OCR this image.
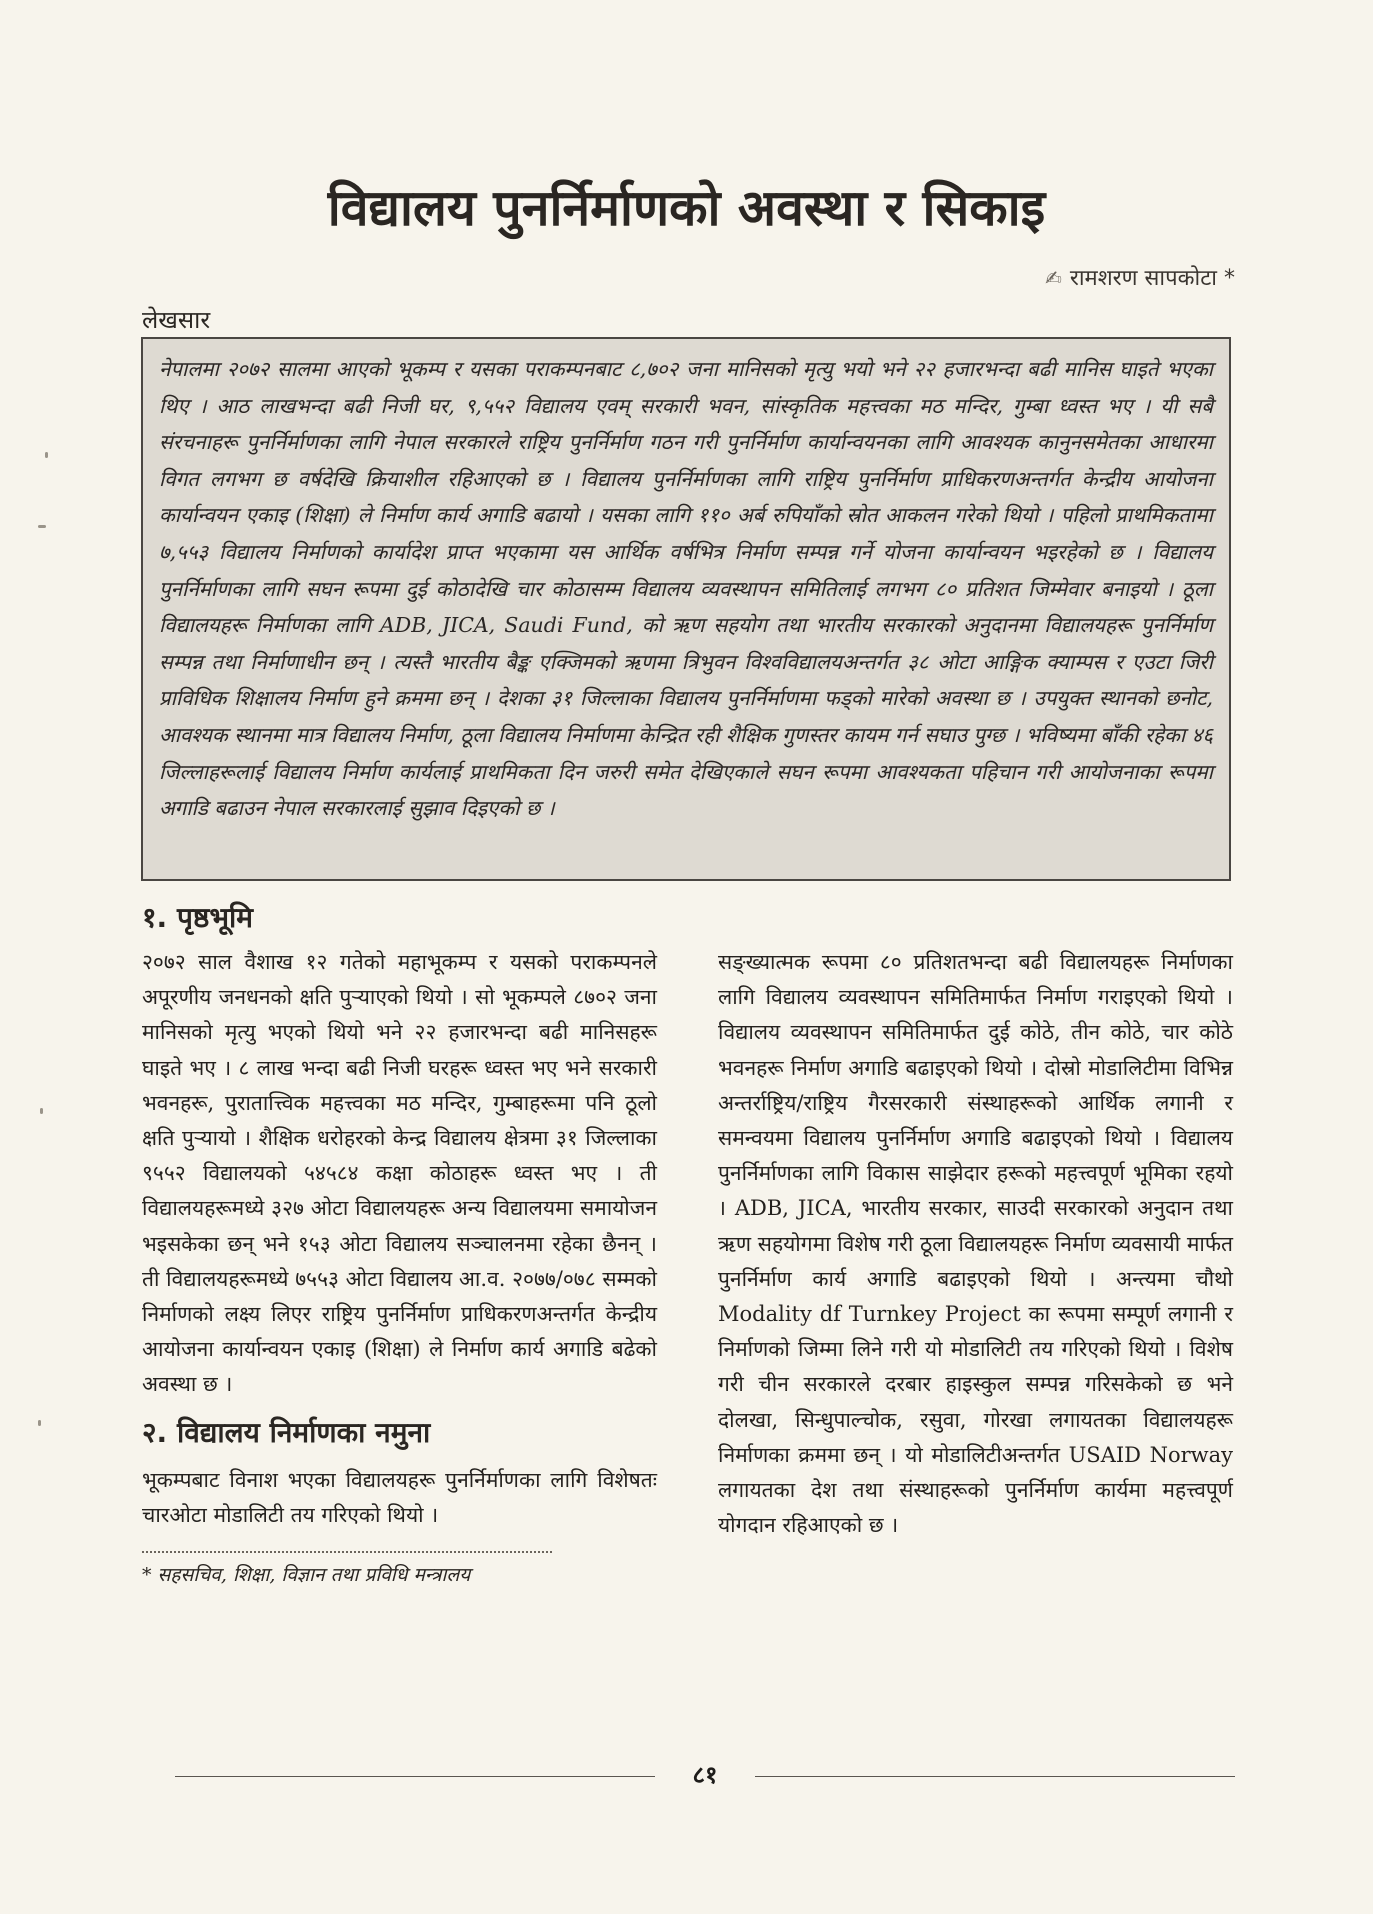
विद्यालय पुनर्निर्माणको अवस्था र सिकाइ
✍ रामशरण सापकोटा *
लेखसार

नेपालमा २०७२ सालमा आएको भूकम्प र यसका पराकम्पनबाट ८,७०२ जना मानिसको मृत्यु भयो भने २२ हजारभन्दा बढी मानिस घाइते भएका थिए । आठ लाखभन्दा बढी निजी घर, ९,५५२ विद्यालय एवम् सरकारी भवन, सांस्कृतिक महत्त्वका मठ मन्दिर, गुम्बा ध्वस्त भए । यी सबै संरचनाहरू पुनर्निर्माणका लागि नेपाल सरकारले राष्ट्रिय पुनर्निर्माण गठन गरी पुनर्निर्माण कार्यान्वयनका लागि आवश्यक कानुनसमेतका आधारमा विगत लगभग छ वर्षदेखि क्रियाशील रहिआएको छ । विद्यालय पुनर्निर्माणका लागि राष्ट्रिय पुनर्निर्माण प्राधिकरणअन्तर्गत केन्द्रीय आयोजना कार्यान्वयन एकाइ (शिक्षा) ले निर्माण कार्य अगाडि बढायो । यसका लागि ११० अर्ब रुपियाँको स्रोत आकलन गरेको थियो । पहिलो प्राथमिकतामा ७,५५३ विद्यालय निर्माणको कार्यादेश प्राप्त भएकामा यस आर्थिक वर्षभित्र निर्माण सम्पन्न गर्ने योजना कार्यान्वयन भइरहेको छ । विद्यालय पुनर्निर्माणका लागि सघन रूपमा दुई कोठादेखि चार कोठासम्म विद्यालय व्यवस्थापन समितिलाई लगभग ८० प्रतिशत जिम्मेवार बनाइयो । ठूला विद्यालयहरू निर्माणका लागि ADB, JICA, Saudi Fund, को ऋण सहयोग तथा भारतीय सरकारको अनुदानमा विद्यालयहरू पुनर्निर्माण सम्पन्न तथा निर्माणाधीन छन् । त्यस्तै भारतीय बैङ्क एक्जिमको ऋणमा त्रिभुवन विश्वविद्यालयअन्तर्गत ३८ ओटा आङ्गिक क्याम्पस र एउटा जिरी प्राविधिक शिक्षालय निर्माण हुने क्रममा छन् । देशका ३१ जिल्लाका विद्यालय पुनर्निर्माणमा फड्को मारेको अवस्था छ । उपयुक्त स्थानको छनोट, आवश्यक स्थानमा मात्र विद्यालय निर्माण, ठूला विद्यालय निर्माणमा केन्द्रित रही शैक्षिक गुणस्तर कायम गर्न सघाउ पुग्छ । भविष्यमा बाँकी रहेका ४६ जिल्लाहरूलाई विद्यालय निर्माण कार्यलाई प्राथमिकता दिन जरुरी समेत देखिएकाले सघन रूपमा आवश्यकता पहिचान गरी आयोजनाका रूपमा अगाडि बढाउन नेपाल सरकारलाई सुझाव दिइएको छ ।

१. पृष्ठभूमि

२०७२ साल वैशाख १२ गतेको महाभूकम्प र यसको पराकम्पनले अपूरणीय जनधनको क्षति पुऱ्याएको थियो । सो भूकम्पले ८७०२ जना मानिसको मृत्यु भएको थियो भने २२ हजारभन्दा बढी मानिसहरू घाइते भए । ८ लाख भन्दा बढी निजी घरहरू ध्वस्त भए भने सरकारी भवनहरू, पुरातात्त्विक महत्त्वका मठ मन्दिर, गुम्बाहरूमा पनि ठूलो क्षति पुऱ्यायो । शैक्षिक धरोहरको केन्द्र विद्यालय क्षेत्रमा ३१ जिल्लाका ९५५२ विद्यालयको ५४५८४ कक्षा कोठाहरू ध्वस्त भए । ती विद्यालयहरूमध्ये ३२७ ओटा विद्यालयहरू अन्य विद्यालयमा समायोजन भइसकेका छन् भने १५३ ओटा विद्यालय सञ्चालनमा रहेका छैनन् । ती विद्यालयहरूमध्ये ७५५३ ओटा विद्यालय आ.व. २०७७/०७८ सम्मको निर्माणको लक्ष्य लिएर राष्ट्रिय पुनर्निर्माण प्राधिकरणअन्तर्गत केन्द्रीय आयोजना कार्यान्वयन एकाइ (शिक्षा) ले निर्माण कार्य अगाडि बढेको अवस्था छ ।

२. विद्यालय निर्माणका नमुना

भूकम्पबाट विनाश भएका विद्यालयहरू पुनर्निर्माणका लागि विशेषतः चारओटा मोडालिटी तय गरिएको थियो ।

* सहसचिव, शिक्षा, विज्ञान तथा प्रविधि मन्त्रालय

सङ्ख्यात्मक रूपमा ८० प्रतिशतभन्दा बढी विद्यालयहरू निर्माणका लागि विद्यालय व्यवस्थापन समितिमार्फत निर्माण गराइएको थियो । विद्यालय व्यवस्थापन समितिमार्फत दुई कोठे, तीन कोठे, चार कोठे भवनहरू निर्माण अगाडि बढाइएको थियो । दोस्रो मोडालिटीमा विभिन्न अन्तर्राष्ट्रिय/राष्ट्रिय गैरसरकारी संस्थाहरूको आर्थिक लगानी र समन्वयमा विद्यालय पुनर्निर्माण अगाडि बढाइएको थियो । विद्यालय पुनर्निर्माणका लागि विकास साझेदार हरूको महत्त्वपूर्ण भूमिका रहयो । ADB, JICA, भारतीय सरकार, साउदी सरकारको अनुदान तथा ऋण सहयोगमा विशेष गरी ठूला विद्यालयहरू निर्माण व्यवसायी मार्फत पुनर्निर्माण कार्य अगाडि बढाइएको थियो । अन्त्यमा चौथो Modality df Turnkey Project का रूपमा सम्पूर्ण लगानी र निर्माणको जिम्मा लिने गरी यो मोडालिटी तय गरिएको थियो । विशेष गरी चीन सरकारले दरबार हाइस्कुल सम्पन्न गरिसकेको छ भने दोलखा, सिन्धुपाल्चोक, रसुवा, गोरखा लगायतका विद्यालयहरू निर्माणका क्रममा छन् । यो मोडालिटीअन्तर्गत USAID Norway लगायतका देश तथा संस्थाहरूको पुनर्निर्माण कार्यमा महत्त्वपूर्ण योगदान रहिआएको छ ।

८१
